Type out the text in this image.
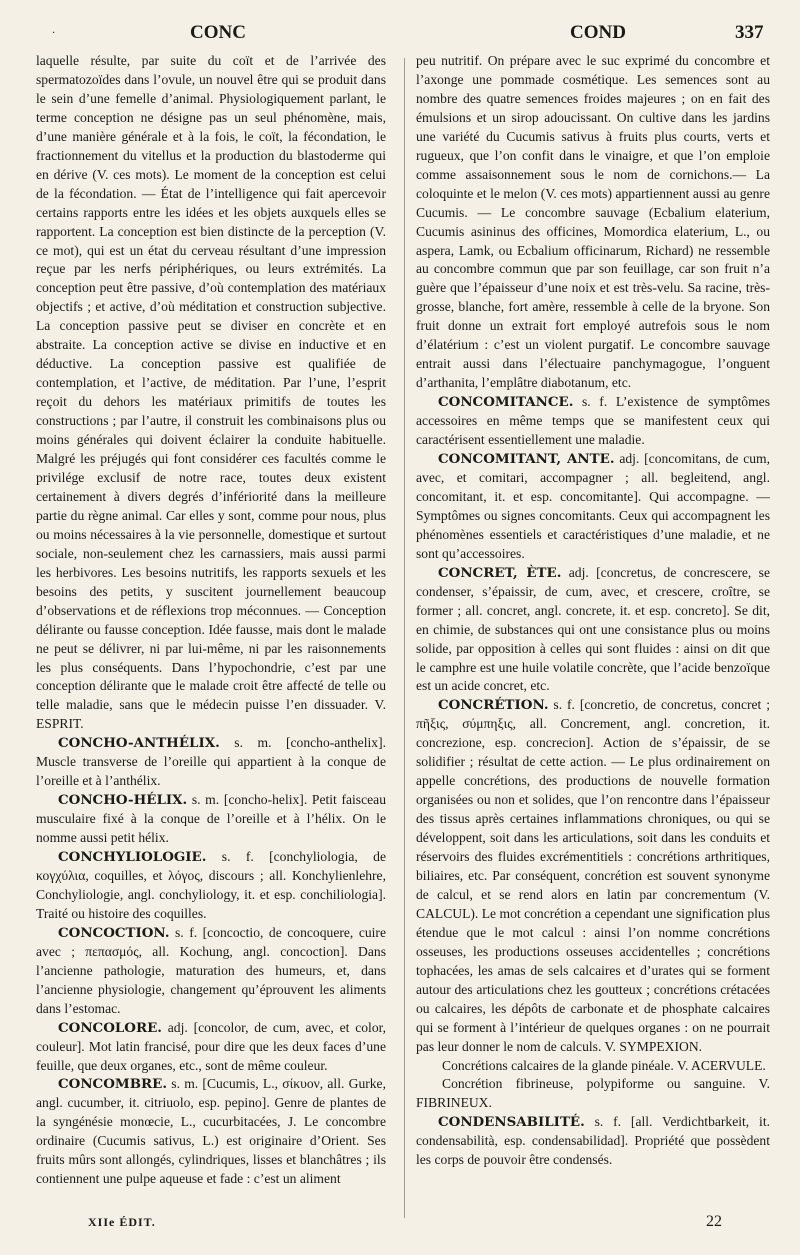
CONC	COND	337
·

laquelle résulte, par suite du coït et de l’arrivée des spermatozoïdes dans l’ovule, un nouvel être qui se produit dans le sein d’une femelle d’animal. Physiologiquement parlant, le terme conception ne désigne pas un seul phénomène, mais, d’une manière générale et à la fois, le coït, la fécondation, le fractionnement du vitellus et la production du blastoderme qui en dérive (V. ces mots). Le moment de la conception est celui de la fécondation. — État de l’intelligence qui fait apercevoir certains rapports entre les idées et les objets auxquels elles se rapportent. La conception est bien distincte de la perception (V. ce mot), qui est un état du cerveau résultant d’une impression reçue par les nerfs périphériques, ou leurs extrémités. La conception peut être passive, d’où contemplation des matériaux objectifs ; et active, d’où méditation et construction subjective. La conception passive peut se diviser en concrète et en abstraite. La conception active se divise en inductive et en déductive. La conception passive est qualifiée de contemplation, et l’active, de méditation. Par l’une, l’esprit reçoit du dehors les matériaux primitifs de toutes les constructions ; par l’autre, il construit les combinaisons plus ou moins générales qui doivent éclairer la conduite habituelle. Malgré les préjugés qui font considérer ces facultés comme le privilége exclusif de notre race, toutes deux existent certainement à divers degrés d’infériorité dans la meilleure partie du règne animal. Car elles y sont, comme pour nous, plus ou moins nécessaires à la vie personnelle, domestique et surtout sociale, non-seulement chez les carnassiers, mais aussi parmi les herbivores. Les besoins nutritifs, les rapports sexuels et les besoins des petits, y suscitent journellement beaucoup d’observations et de réflexions trop méconnues. — Conception délirante ou fausse conception. Idée fausse, mais dont le malade ne peut se délivrer, ni par lui-même, ni par les raisonnements les plus conséquents. Dans l’hypochondrie, c’est par une conception délirante que le malade croit être affecté de telle ou telle maladie, sans que le médecin puisse l’en dissuader. V. ESPRIT.

CONCHO-ANTHÉLIX. s. m. [concho-anthelix]. Muscle transverse de l’oreille qui appartient à la conque de l’oreille et à l’anthélix.

CONCHO-HÉLIX. s. m. [concho-helix]. Petit faisceau musculaire fixé à la conque de l’oreille et à l’hélix. On le nomme aussi petit hélix.

CONCHYLIOLOGIE. s. f. [conchyliologia, de κογχύλια, coquilles, et λόγος, discours ; all. Konchylienlehre, Conchyliologie, angl. conchyliology, it. et esp. conchiliologia]. Traité ou histoire des coquilles.

CONCOCTION. s. f. [concoctio, de concoquere, cuire avec ; πεπασμός, all. Kochung, angl. concoction]. Dans l’ancienne pathologie, maturation des humeurs, et, dans l’ancienne physiologie, changement qu’éprouvent les aliments dans l’estomac.

CONCOLORE. adj. [concolor, de cum, avec, et color, couleur]. Mot latin francisé, pour dire que les deux faces d’une feuille, que deux organes, etc., sont de même couleur.

CONCOMBRE. s. m. [Cucumis, L., σίκυον, all. Gurke, angl. cucumber, it. citriuolo, esp. pepino]. Genre de plantes de la syngénésie monœcie, L., cucurbitacées, J. Le concombre ordinaire (Cucumis sativus, L.) est originaire d’Orient. Ses fruits mûrs sont allongés, cylindriques, lisses et blanchâtres ; ils contiennent une pulpe aqueuse et fade : c’est un aliment

peu nutritif. On prépare avec le suc exprimé du concombre et l’axonge une pommade cosmétique. Les semences sont au nombre des quatre semences froides majeures ; on en fait des émulsions et un sirop adoucissant. On cultive dans les jardins une variété du Cucumis sativus à fruits plus courts, verts et rugueux, que l’on confit dans le vinaigre, et que l’on emploie comme assaisonnement sous le nom de cornichons.— La coloquinte et le melon (V. ces mots) appartiennent aussi au genre Cucumis. — Le concombre sauvage (Ecbalium elaterium, Cucumis asininus des officines, Momordica elaterium, L., ou aspera, Lamk, ou Ecbalium officinarum, Richard) ne ressemble au concombre commun que par son feuillage, car son fruit n’a guère que l’épaisseur d’une noix et est très-velu. Sa racine, très-grosse, blanche, fort amère, ressemble à celle de la bryone. Son fruit donne un extrait fort employé autrefois sous le nom d’élatérium : c’est un violent purgatif. Le concombre sauvage entrait aussi dans l’électuaire panchymagogue, l’onguent d’arthanita, l’emplâtre diabotanum, etc.

CONCOMITANCE. s. f. L’existence de symptômes accessoires en même temps que se manifestent ceux qui caractérisent essentiellement une maladie.

CONCOMITANT, ANTE. adj. [concomitans, de cum, avec, et comitari, accompagner ; all. begleitend, angl. concomitant, it. et esp. concomitante]. Qui accompagne. — Symptômes ou signes concomitants. Ceux qui accompagnent les phénomènes essentiels et caractéristiques d’une maladie, et ne sont qu’accessoires.

CONCRET, ÈTE. adj. [concretus, de concrescere, se condenser, s’épaissir, de cum, avec, et crescere, croître, se former ; all. concret, angl. concrete, it. et esp. concreto]. Se dit, en chimie, de substances qui ont une consistance plus ou moins solide, par opposition à celles qui sont fluides : ainsi on dit que le camphre est une huile volatile concrète, que l’acide benzoïque est un acide concret, etc.

CONCRÉTION. s. f. [concretio, de concretus, concret ; πῆξις, σύμπηξις, all. Concrement, angl. concretion, it. concrezione, esp. concrecion]. Action de s’épaissir, de se solidifier ; résultat de cette action. — Le plus ordinairement on appelle concrétions, des productions de nouvelle formation organisées ou non et solides, que l’on rencontre dans l’épaisseur des tissus après certaines inflammations chroniques, ou qui se développent, soit dans les articulations, soit dans les conduits et réservoirs des fluides excrémentitiels : concrétions arthritiques, biliaires, etc. Par conséquent, concrétion est souvent synonyme de calcul, et se rend alors en latin par concrementum (V. CALCUL). Le mot concrétion a cependant une signification plus étendue que le mot calcul : ainsi l’on nomme concrétions osseuses, les productions osseuses accidentelles ; concrétions tophacées, les amas de sels calcaires et d’urates qui se forment autour des articulations chez les goutteux ; concrétions crétacées ou calcaires, les dépôts de carbonate et de phosphate calcaires qui se forment à l’intérieur de quelques organes : on ne pourrait pas leur donner le nom de calculs. V. SYMPEXION.

Concrétions calcaires de la glande pinéale. V. ACERVULE.

Concrétion fibrineuse, polypiforme ou sanguine. V. FIBRINEUX.

CONDENSABILITÉ. s. f. [all. Verdichtbarkeit, it. condensabilità, esp. condensabilidad]. Propriété que possèdent les corps de pouvoir être condensés.

XIIe ÉDIT.	22
